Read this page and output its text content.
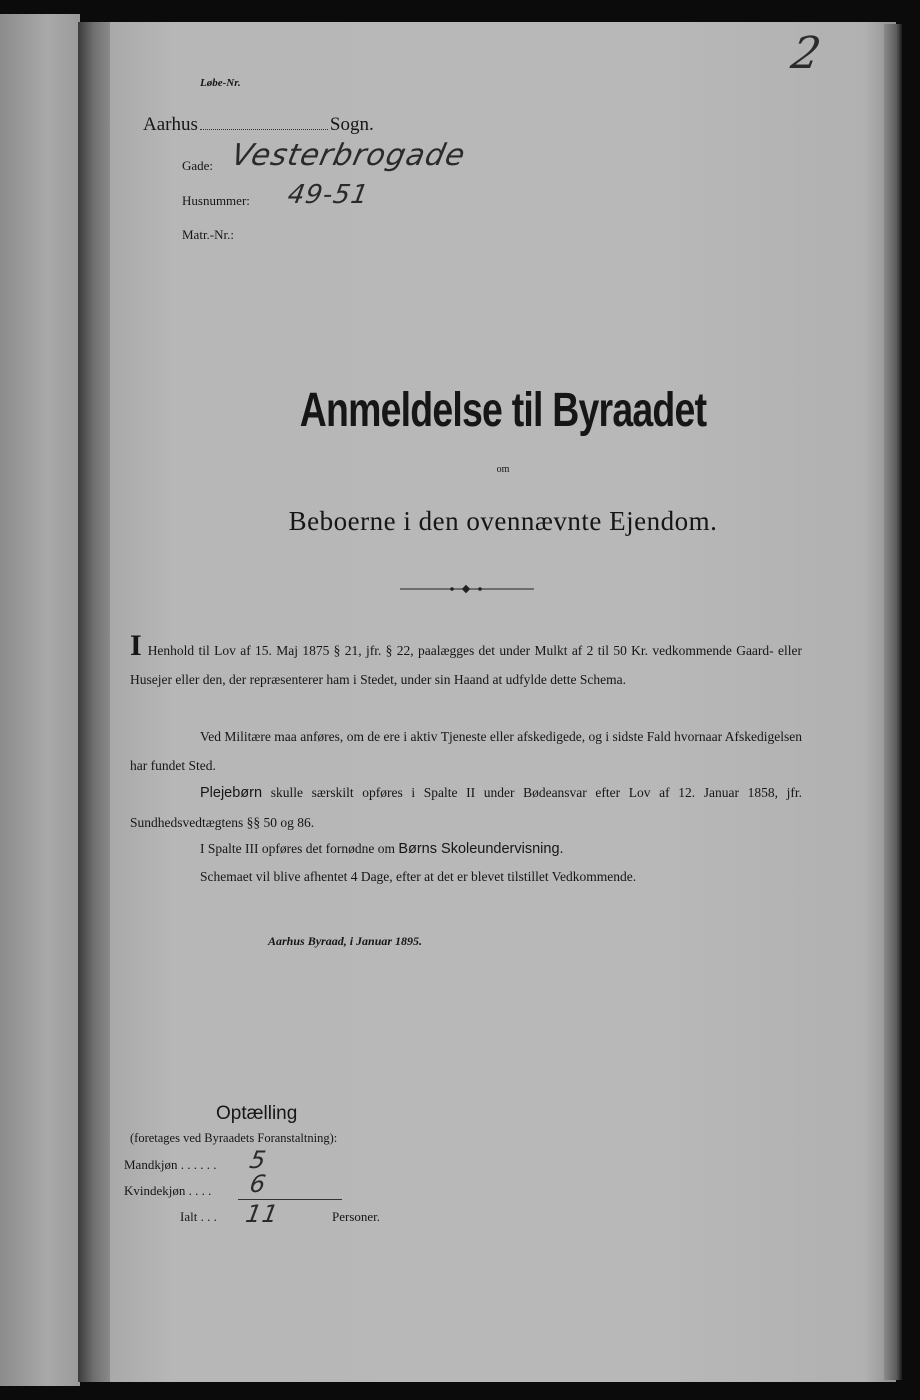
2
Løbe-Nr.
Aarhus	Sogn.
Gade: Vesterbrogade
Husnummer: 49-51
Matr.-Nr.:
Anmeldelse til Byraadet
om
Beboerne i den ovennævnte Ejendom.
I Henhold til Lov af 15. Maj 1875 § 21, jfr. § 22, paalægges det under Mulkt af 2 til 50 Kr. vedkommende Gaard- eller Husejer eller den, der repræsenterer ham i Stedet, under sin Haand at udfylde dette Schema.
Ved Militære maa anføres, om de ere i aktiv Tjeneste eller afskedigede, og i sidste Fald hvornaar Afskedigelsen har fundet Sted.
Plejebørn skulle særskilt opføres i Spalte II under Bødeansvar efter Lov af 12. Januar 1858, jfr. Sundhedsvedtægtens §§ 50 og 86.
I Spalte III opføres det fornødne om Børns Skoleundervisning.
Schemaet vil blive afhentet 4 Dage, efter at det er blevet tilstillet Vedkommende.
Aarhus Byraad, i Januar 1895.
Optælling
(foretages ved Byraadets Foranstaltning):
Mandkjøn . . . . . . 5
Kvindekjøn . . . . 6
Ialt . . . 11	Personer.
